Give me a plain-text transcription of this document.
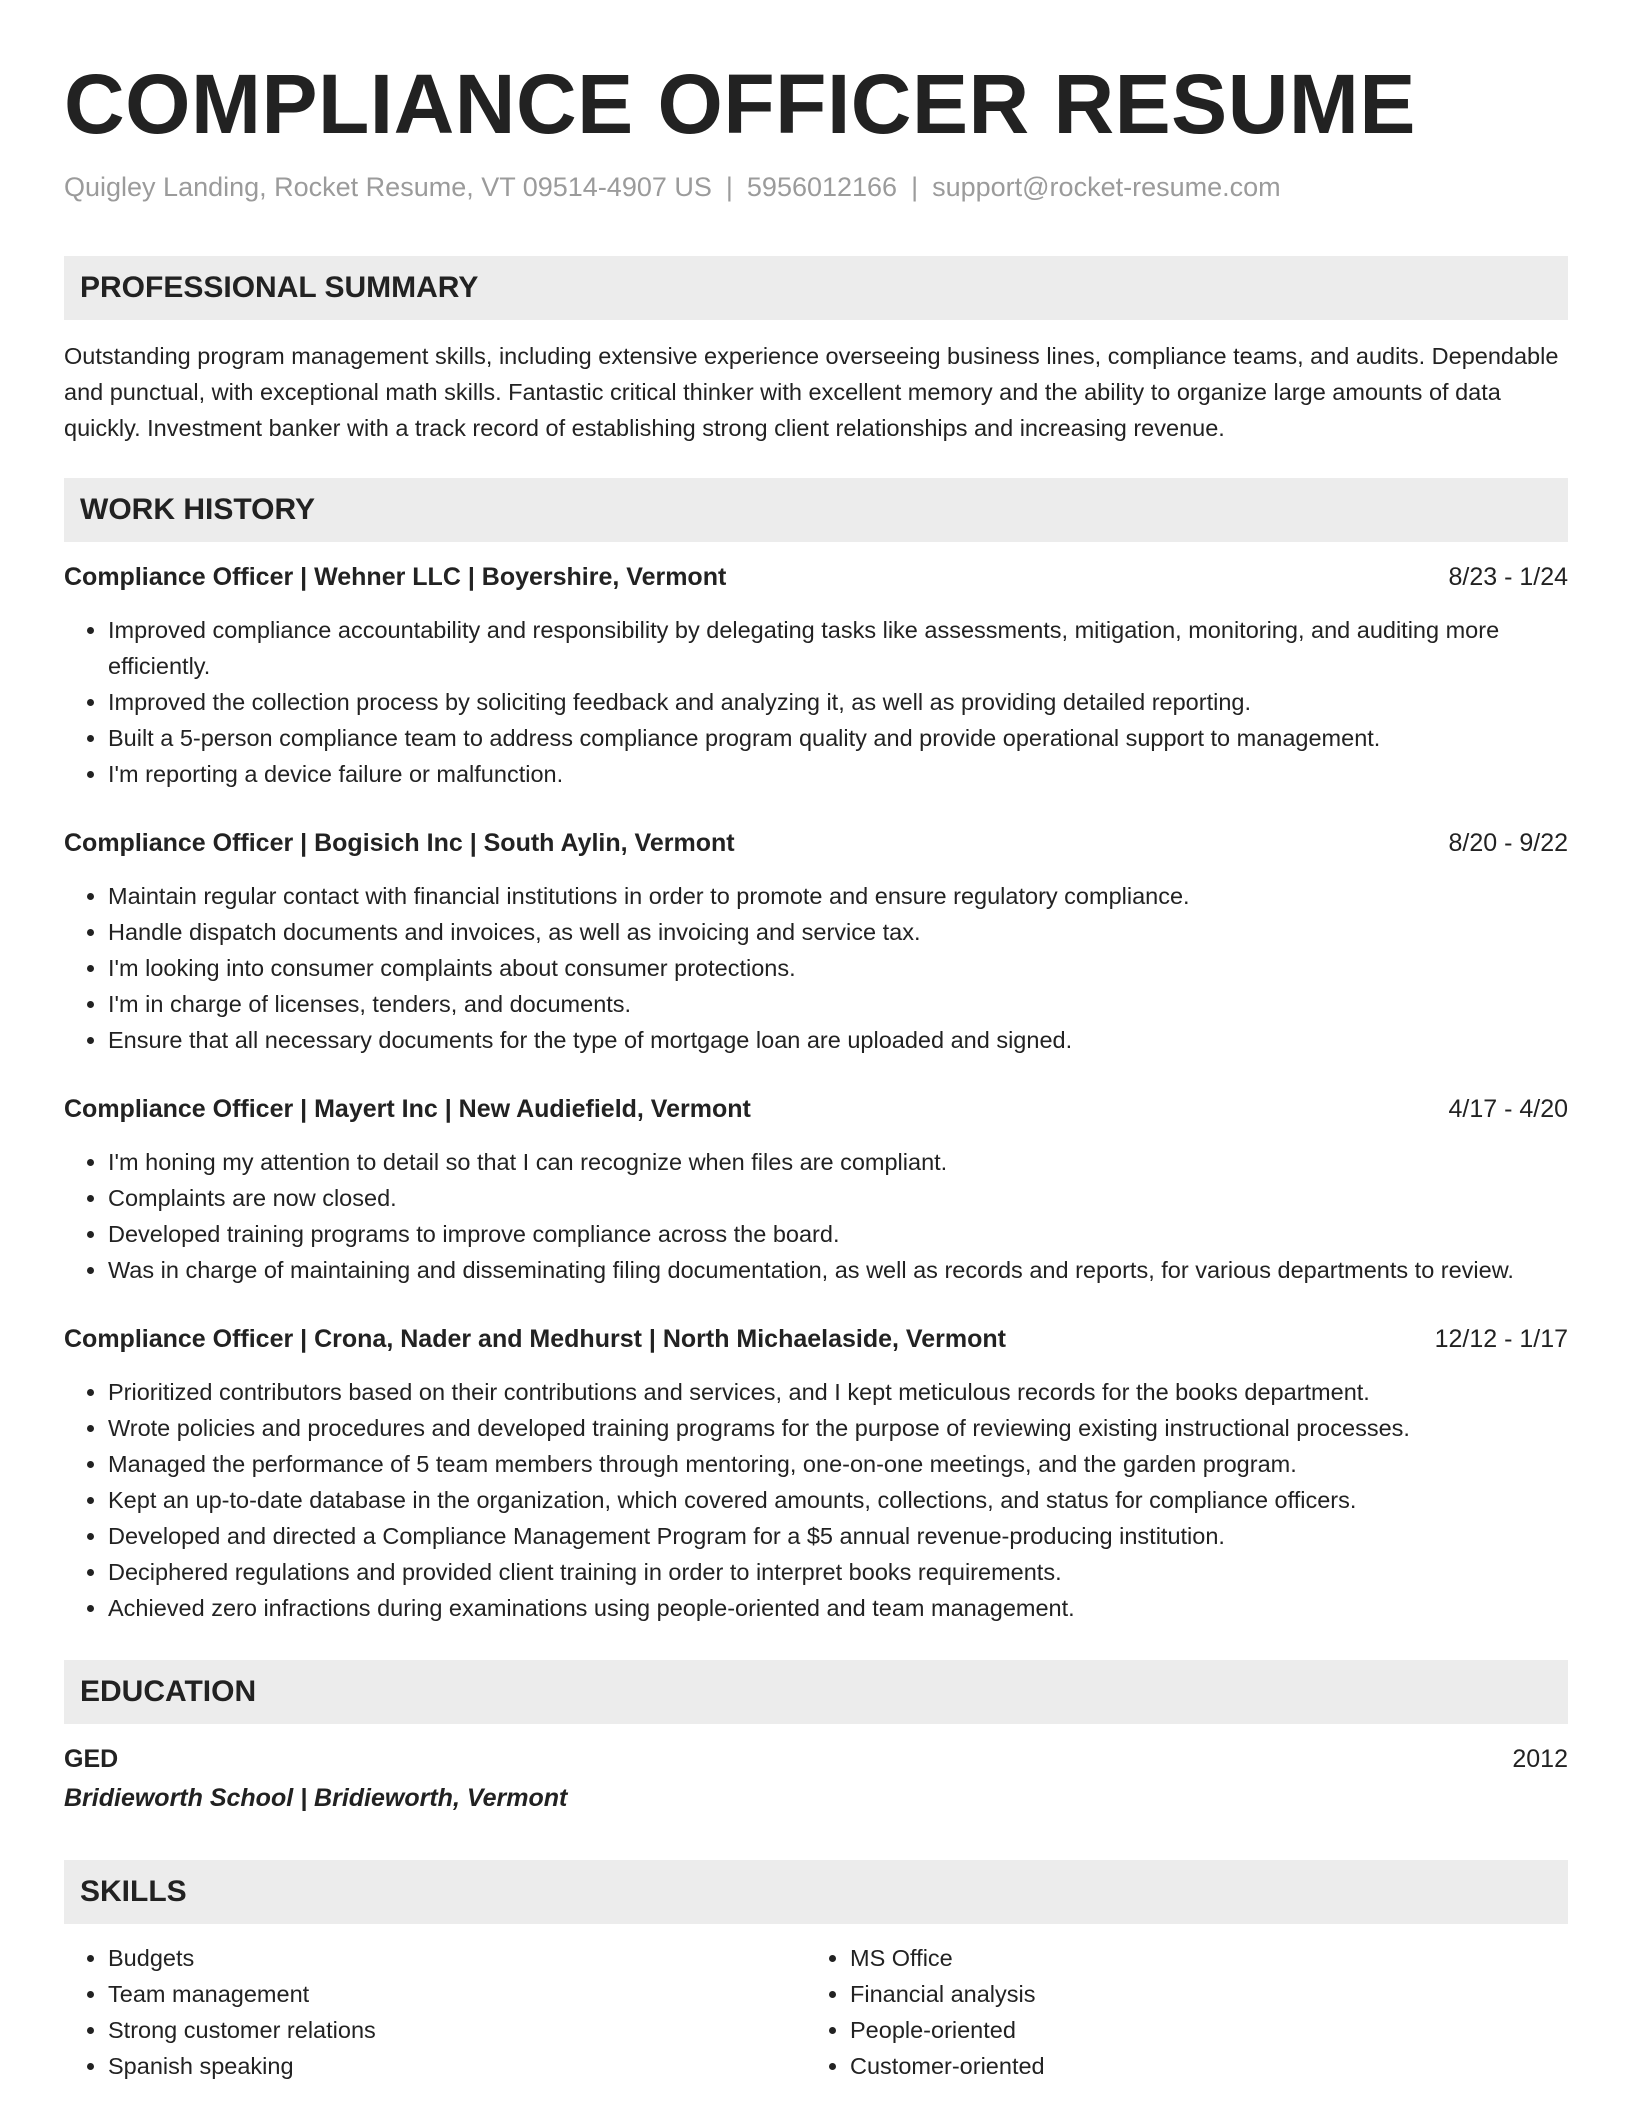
COMPLIANCE OFFICER RESUME
Quigley Landing, Rocket Resume, VT 09514-4907 US | 5956012166 | support@rocket-resume.com
PROFESSIONAL SUMMARY

Outstanding program management skills, including extensive experience overseeing business lines, compliance teams, and audits. Dependable and punctual, with exceptional math skills. Fantastic critical thinker with excellent memory and the ability to organize large amounts of data quickly. Investment banker with a track record of establishing strong client relationships and increasing revenue.

WORK HISTORY
Compliance Officer | Wehner LLC | Boyershire, Vermont	8/23 - 1/24
• Improved compliance accountability and responsibility by delegating tasks like assessments, mitigation, monitoring, and auditing more efficiently.
• Improved the collection process by soliciting feedback and analyzing it, as well as providing detailed reporting.
• Built a 5-person compliance team to address compliance program quality and provide operational support to management.
• I'm reporting a device failure or malfunction.
Compliance Officer | Bogisich Inc | South Aylin, Vermont	8/20 - 9/22
• Maintain regular contact with financial institutions in order to promote and ensure regulatory compliance.
• Handle dispatch documents and invoices, as well as invoicing and service tax.
• I'm looking into consumer complaints about consumer protections.
• I'm in charge of licenses, tenders, and documents.
• Ensure that all necessary documents for the type of mortgage loan are uploaded and signed.
Compliance Officer | Mayert Inc | New Audiefield, Vermont	4/17 - 4/20
• I'm honing my attention to detail so that I can recognize when files are compliant.
• Complaints are now closed.
• Developed training programs to improve compliance across the board.
• Was in charge of maintaining and disseminating filing documentation, as well as records and reports, for various departments to review.
Compliance Officer | Crona, Nader and Medhurst | North Michaelaside, Vermont	12/12 - 1/17
• Prioritized contributors based on their contributions and services, and I kept meticulous records for the books department.
• Wrote policies and procedures and developed training programs for the purpose of reviewing existing instructional processes.
• Managed the performance of 5 team members through mentoring, one-on-one meetings, and the garden program.
• Kept an up-to-date database in the organization, which covered amounts, collections, and status for compliance officers.
• Developed and directed a Compliance Management Program for a $5 annual revenue-producing institution.
• Deciphered regulations and provided client training in order to interpret books requirements.
• Achieved zero infractions during examinations using people-oriented and team management.
EDUCATION
GED	2012
Bridieworth School | Bridieworth, Vermont
SKILLS
• Budgets
• Team management
• Strong customer relations
• Spanish speaking
• MS Office
• Financial analysis
• People-oriented
• Customer-oriented
